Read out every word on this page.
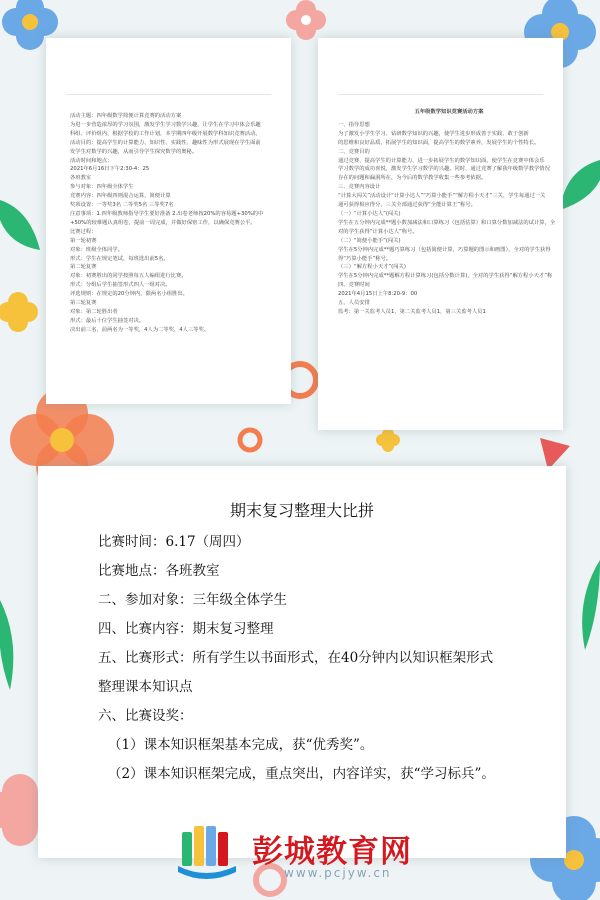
活动主题：四年级数学简便计算竞赛的活动方案
为进一步营造浓厚的学习氛围，激发学生学习数学兴趣，让学生在学习中体会乐趣
科组、评价组内，根据学校的工作计划，本学期四年级开展数学科知识竞赛活动。
活动目的：提高学生的计算能力、知识性、实践性、趣味性为形式展现在学生面前
发学生对数学的兴趣，从而引导学生探究数学的奥秘。
活动时间和地点：
2021年6月16日下午2:30-4：25
各班教室
参与对象：四年级全体学生
竞赛内容：四年级四则混合运算、简便计算
奖项设置：一等奖3名 二等奖5名 三等奖7名
注意事项：1.四年级教师指导学生要好准备 2.出卷老师按20%的容易题+30%的中
+50%的较难题认真组卷，提前一周完成，并做好保密工作，以确保竞赛公平。
比赛过程：
第一轮初赛
对象：班级全体同学。
形式：学生在规定笔试，每班选出前5名。
第二轮复赛
对象：初赛胜出的同学按照每五人编组进行比赛。
形式：分组后学生抽签形式四人一组对决。
评选规则：在规定的20分钟内，限两名小组胜出。
第三轮复赛
对象：第二轮胜出者
形式：最后十位学生抽签对决。
决出前三名，前两名为一等奖，4人为二等奖，4人三等奖。
五年级数学知识竞赛活动方案
一、指导思想
为了激发小学生学习、钻研数学知识的兴趣，使学生进步形成善于实践、敢于创新
的思维和良好品质，拓展学生的知识面，提高学生的数学素养，发展学生的个性特长。
二、竞赛目的
通过竞赛，提高学生的计算能力，进一步拓展学生的数学知识面，使学生在竞赛中体会乐
学习数学的成功喜悦，激发学生学习数学的兴趣。同时，通过竞赛了解我年级数学教学情况
存在的问题和漏洞所在，为今后的数学教学收集一些参考依据。
三、竞赛内容设计
“计算大闯关”活动设计“计算小达人”“巧算小能手”“解方程小天才”三关，学生每通过一关
通可获得相应得分，三关全部通过获得“全能计算王”称号。
（一）“计算小达人”(闯关)
学生在五分钟内完成**题小数加减法和口算练习（包括估算）和口算分数加减法的试计算，全
对的学生获得“计算小达人”称号。
（二）“简便小能手”(闯关)
学生在5分钟内完成**题巧算练习（包括简便计算，巧算题的图示和画图），全对的学生获得
得“巧算小能手”称号。
（三）“解方程小天才”(闯关)
学生在5分钟内完成**题解方程计算练习(包括分数计算)，全对的学生获得“解方程小天才”称
四、竞赛时间
2021年4月15日上午8:20-9：00
五、人员安排
监考：第一关监考人员1，第二关监考人员1，第三关监考人员1
期末复习整理大比拼
比赛时间：6.17（周四）
比赛地点：各班教室
二、参加对象：三年级全体学生
四、比赛内容：期末复习整理
五、比赛形式：所有学生以书面形式，在40分钟内以知识框架形式
整理课本知识点
六、比赛设奖：
（1）课本知识框架基本完成，获“优秀奖”。
（2）课本知识框架完成，重点突出，内容详实，获“学习标兵”。
彭城教育网
www.pcjyw.cn
